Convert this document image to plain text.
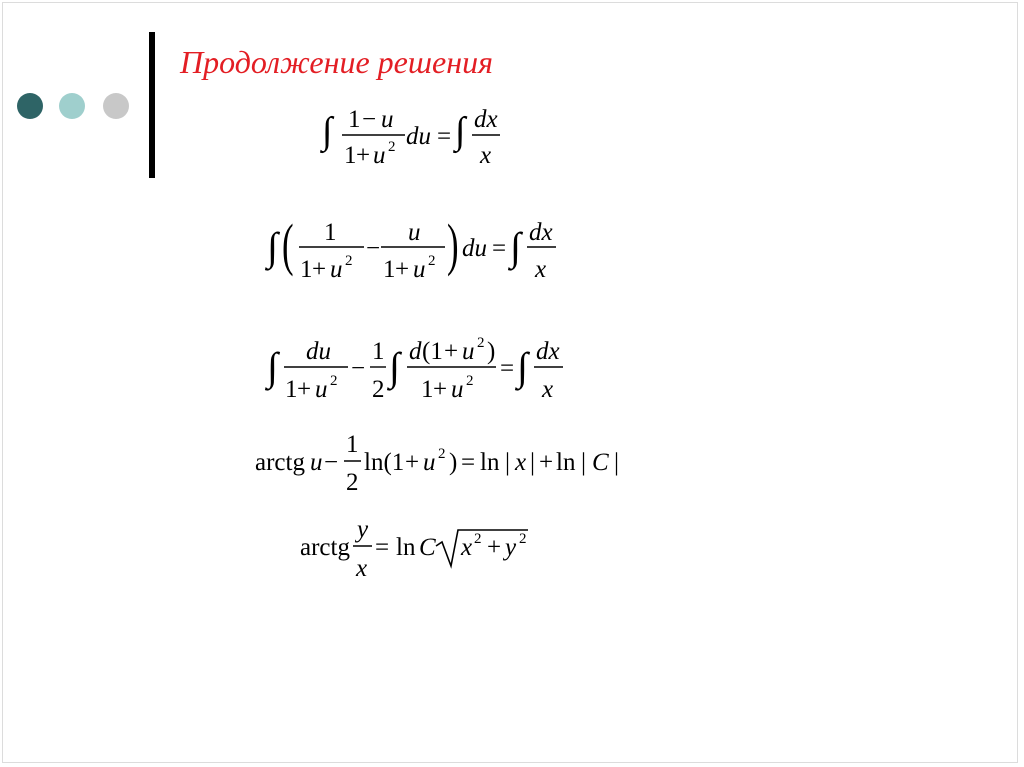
Продолжение решения
∫ 1 − u
1 + u 2 du = ∫ dx
x
∫ ( 1
1 + u 2 −
u
1 + u 2 ) du = ∫ dx
x
∫ du
1 + u 2 −
1
2
∫ d (1 + u 2 )
1 + u 2 = ∫ dx
x
arctg u −
1
2
ln(1 + u 2 ) = ln | x | + ln | C |
arctg
y
x
= ln C x 2 + y 2
